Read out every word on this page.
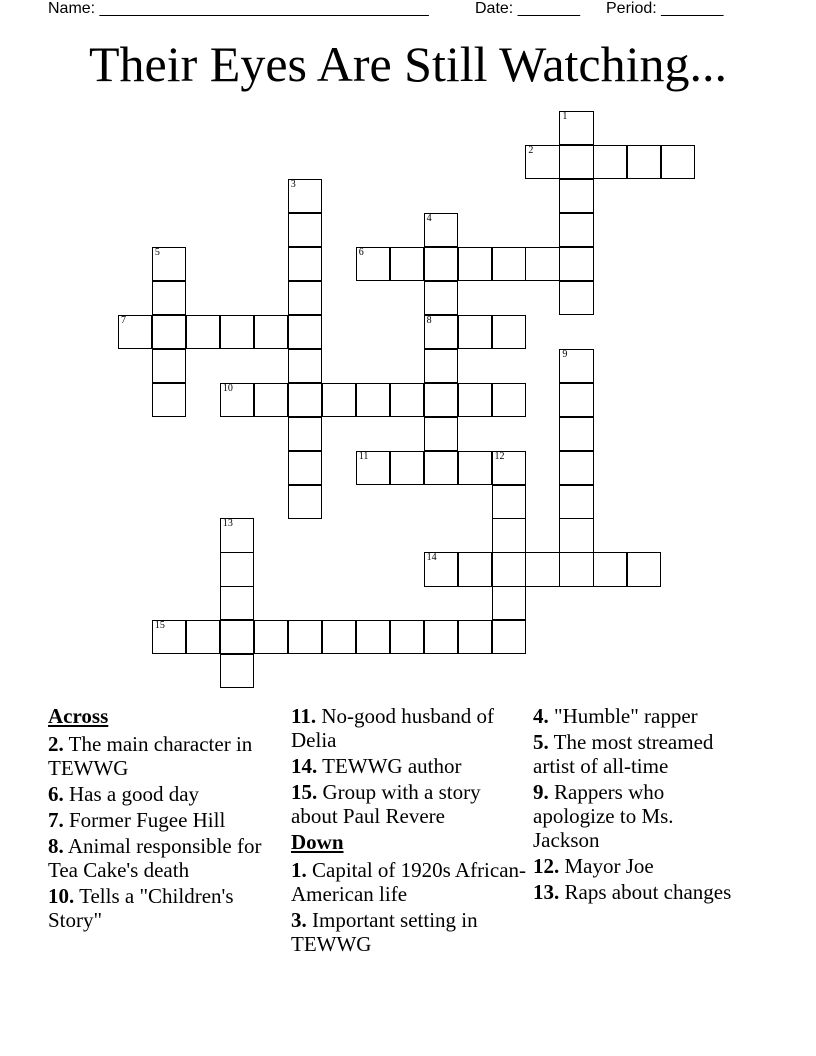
Name: _____________________________________	Date: _______ Period: _______
Their Eyes Are Still Watching...
1
2
3
4
8
5	6
7
9
10
11	12
13
14
15
Across
2. The main character in TEWWG
6. Has a good day
7. Former Fugee Hill
8. Animal responsible for Tea Cake's death
10. Tells a "Children's Story"
11. No-good husband of Delia
14. TEWWG author
15. Group with a story about Paul Revere
Down
1. Capital of 1920s African-American life
3. Important setting in TEWWG
4. "Humble" rapper
5. The most streamed artist of all-time
9. Rappers who apologize to Ms. Jackson
12. Mayor Joe
13. Raps about changes
